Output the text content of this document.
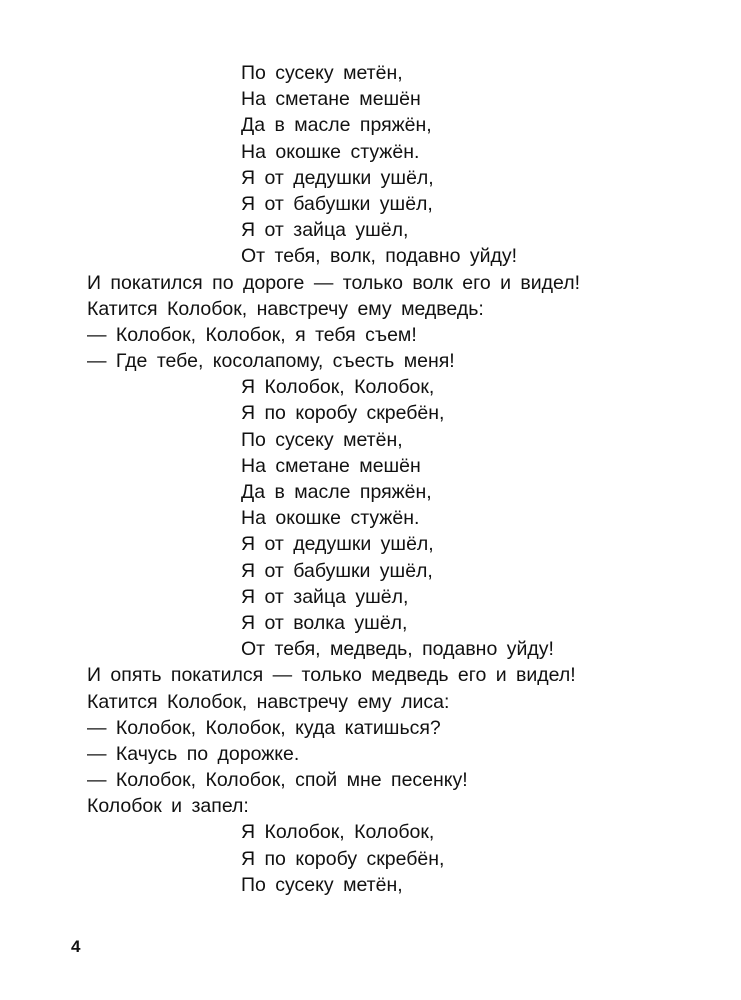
По сусеку метён,
На сметане мешён
Да в масле пряжён,
На окошке стужён.
Я от дедушки ушёл,
Я от бабушки ушёл,
Я от зайца ушёл,
От тебя, волк, подавно уйду!
И покатился по дороге — только волк его и видел!
Катится Колобок, навстречу ему медведь:
— Колобок, Колобок, я тебя съем!
— Где тебе, косолапому, съесть меня!
Я Колобок, Колобок,
Я по коробу скребён,
По сусеку метён,
На сметане мешён
Да в масле пряжён,
На окошке стужён.
Я от дедушки ушёл,
Я от бабушки ушёл,
Я от зайца ушёл,
Я от волка ушёл,
От тебя, медведь, подавно уйду!
И опять покатился — только медведь его и видел!
Катится Колобок, навстречу ему лиса:
— Колобок, Колобок, куда катишься?
— Качусь по дорожке.
— Колобок, Колобок, спой мне песенку!
Колобок и запел:
Я Колобок, Колобок,
Я по коробу скребён,
По сусеку метён,
4
